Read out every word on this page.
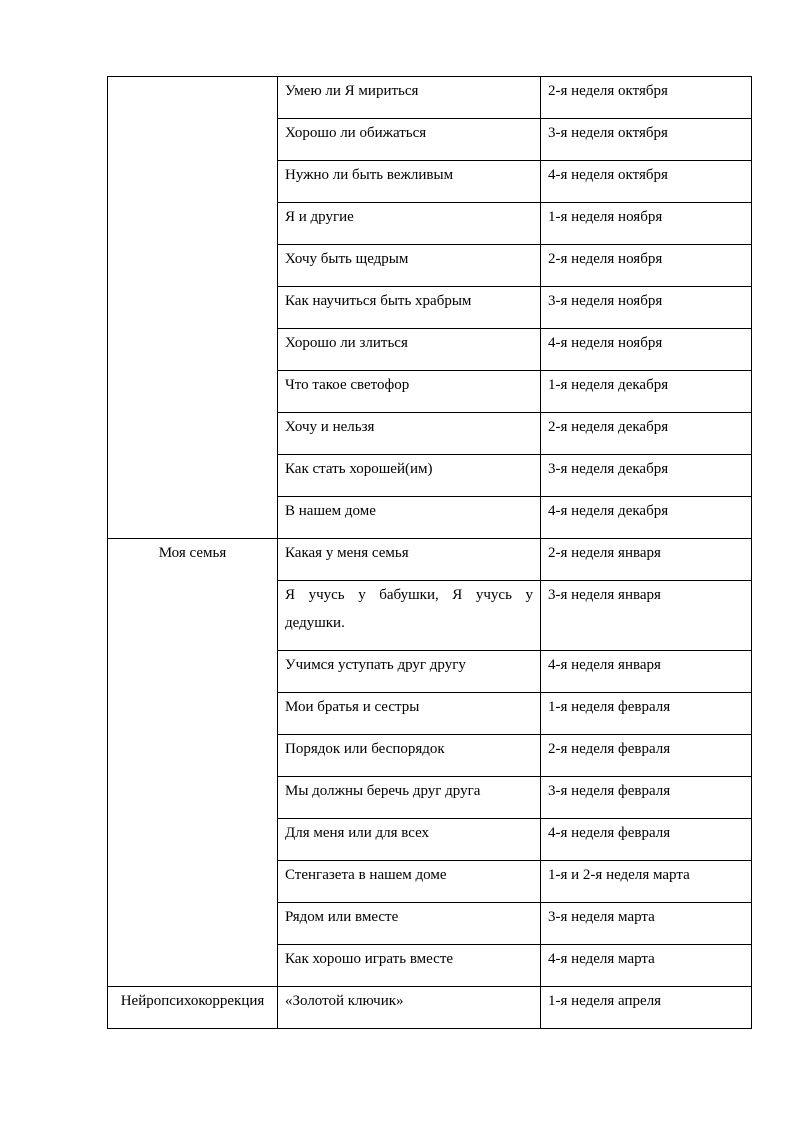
	Умею ли Я мириться	2-я неделя октября
	Хорошо ли обижаться	3-я неделя октября
	Нужно ли быть вежливым	4-я неделя октября
	Я и другие	1-я неделя ноября
	Хочу быть щедрым	2-я неделя ноября
	Как научиться быть храбрым	3-я неделя ноября
	Хорошо ли злиться	4-я неделя ноября
	Что такое светофор	1-я неделя декабря
	Хочу и нельзя	2-я неделя декабря
	Как стать хорошей(им)	3-я неделя декабря
	В нашем доме	4-я неделя декабря
Моя семья	Какая у меня семья	2-я неделя января
	Я учусь у бабушки, Я учусь у дедушки.	3-я неделя января
	Учимся уступать друг другу	4-я неделя января
	Мои братья и сестры	1-я неделя февраля
	Порядок или беспорядок	2-я неделя февраля
	Мы должны беречь друг друга	3-я неделя февраля
	Для меня или для всех	4-я неделя февраля
	Стенгазета в нашем доме	1-я и 2-я неделя марта
	Рядом или вместе	3-я неделя марта
	Как хорошо играть вместе	4-я неделя марта
Нейропсихокоррекция	«Золотой ключик»	1-я неделя апреля
